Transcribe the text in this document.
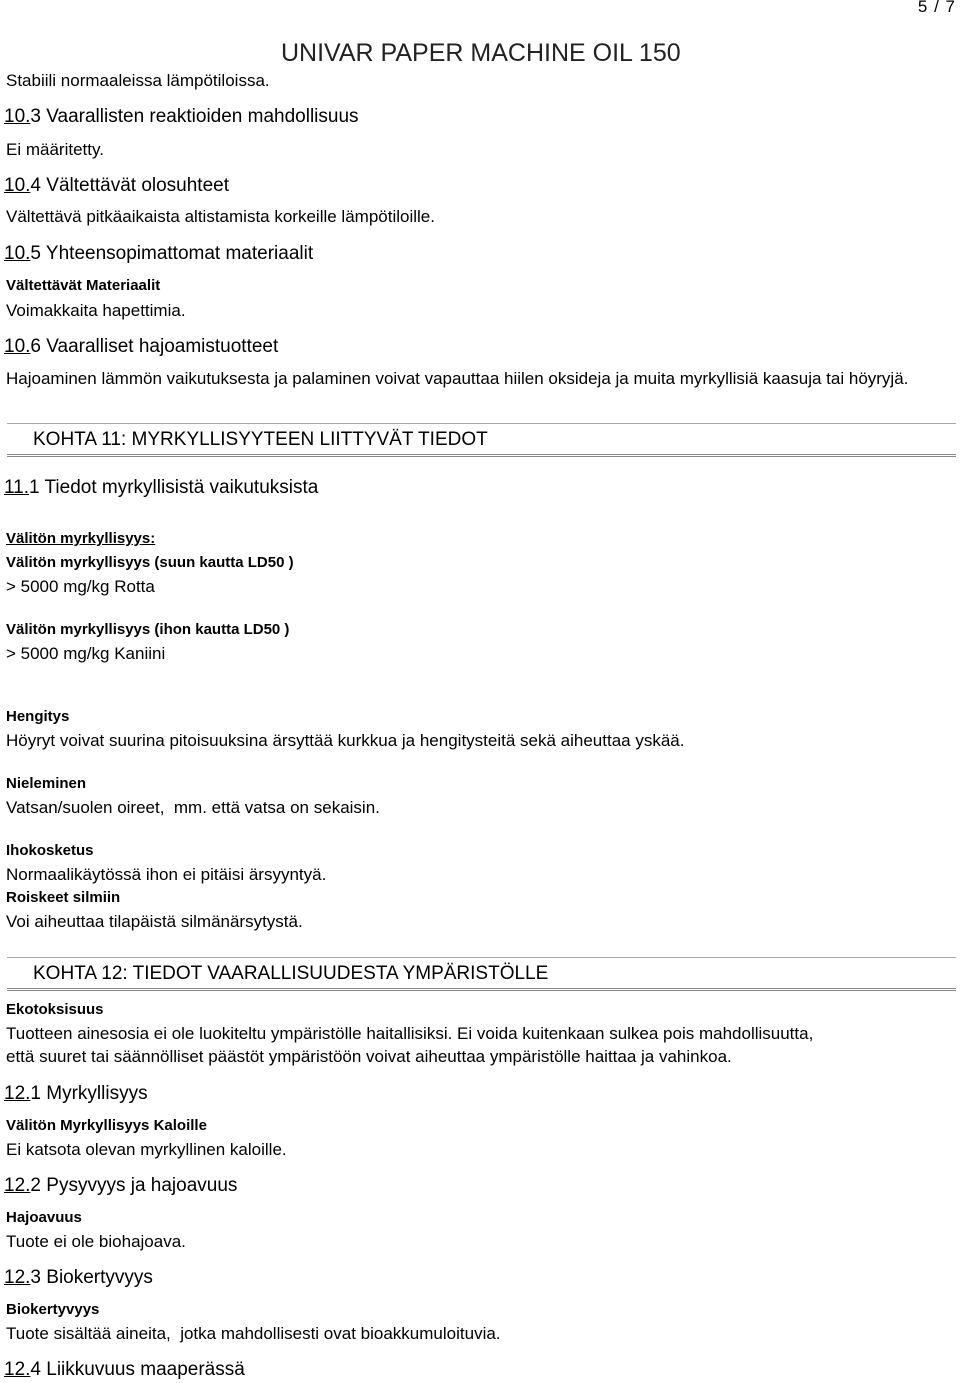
5 / 7
UNIVAR PAPER MACHINE OIL 150
Stabiili normaaleissa lämpötiloissa.
10.3 Vaarallisten reaktioiden mahdollisuus
Ei määritetty.
10.4 Vältettävät olosuhteet
Vältettävä pitkäaikaista altistamista korkeille lämpötiloille.
10.5 Yhteensopimattomat materiaalit
Vältettävät Materiaalit
Voimakkaita hapettimia.
10.6 Vaaralliset hajoamistuotteet
Hajoaminen lämmön vaikutuksesta ja palaminen voivat vapauttaa hiilen oksideja ja muita myrkyllisiä kaasuja tai höyryjä.
KOHTA 11: MYRKYLLISYYTEEN LIITTYVÄT TIEDOT
11.1 Tiedot myrkyllisistä vaikutuksista
Välitön myrkyllisyys:
Välitön myrkyllisyys (suun kautta LD50 )
> 5000 mg/kg Rotta
Välitön myrkyllisyys (ihon kautta LD50 )
> 5000 mg/kg Kaniini
Hengitys
Höyryt voivat suurina pitoisuuksina ärsyttää kurkkua ja hengitysteitä sekä aiheuttaa yskää.
Nieleminen
Vatsan/suolen oireet,  mm. että vatsa on sekaisin.
Ihokosketus
Normaalikäytössä ihon ei pitäisi ärsyyntyä.
Roiskeet silmiin
Voi aiheuttaa tilapäistä silmänärsytystä.
KOHTA 12: TIEDOT VAARALLISUUDESTA YMPÄRISTÖLLE
Ekotoksisuus
Tuotteen ainesosia ei ole luokiteltu ympäristölle haitallisiksi. Ei voida kuitenkaan sulkea pois mahdollisuutta,
että suuret tai säännölliset päästöt ympäristöön voivat aiheuttaa ympäristölle haittaa ja vahinkoa.
12.1 Myrkyllisyys
Välitön Myrkyllisyys Kaloille
Ei katsota olevan myrkyllinen kaloille.
12.2 Pysyvyys ja hajoavuus
Hajoavuus
Tuote ei ole biohajoava.
12.3 Biokertyvyys
Biokertyvyys
Tuote sisältää aineita,  jotka mahdollisesti ovat bioakkumuloituvia.
12.4 Liikkuvuus maaperässä
